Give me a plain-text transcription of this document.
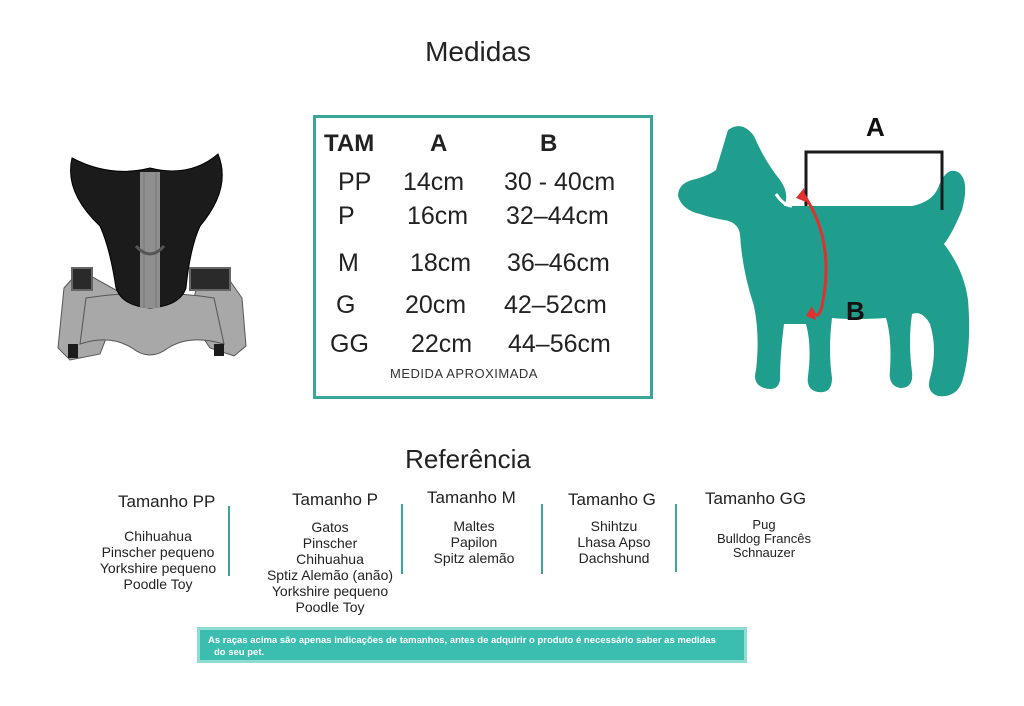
Medidas
TAM A	B
PP 14cm 30 - 40cm
P 16cm 32–44cm
M 18cm 36–46cm
G 20cm 42–52cm
GG 22cm 44–56cm
MEDIDA APROXIMADA
A
B
Referência
Tamanho PP
Chihuahua
Pinscher pequeno
Yorkshire pequeno
Poodle Toy
Tamanho P
Gatos
Pinscher
Chihuahua
Sptiz Alemão (anão)
Yorkshire pequeno
Poodle Toy
Tamanho M
Maltes
Papilon
Spitz alemão
Tamanho G
Shihtzu
Lhasa Apso
Dachshund
Tamanho GG
Pug
Bulldog Francês
Schnauzer
As raças acima são apenas indicações de tamanhos, antes de adquirir o produto é necessário saber as medidas
do seu pet.
